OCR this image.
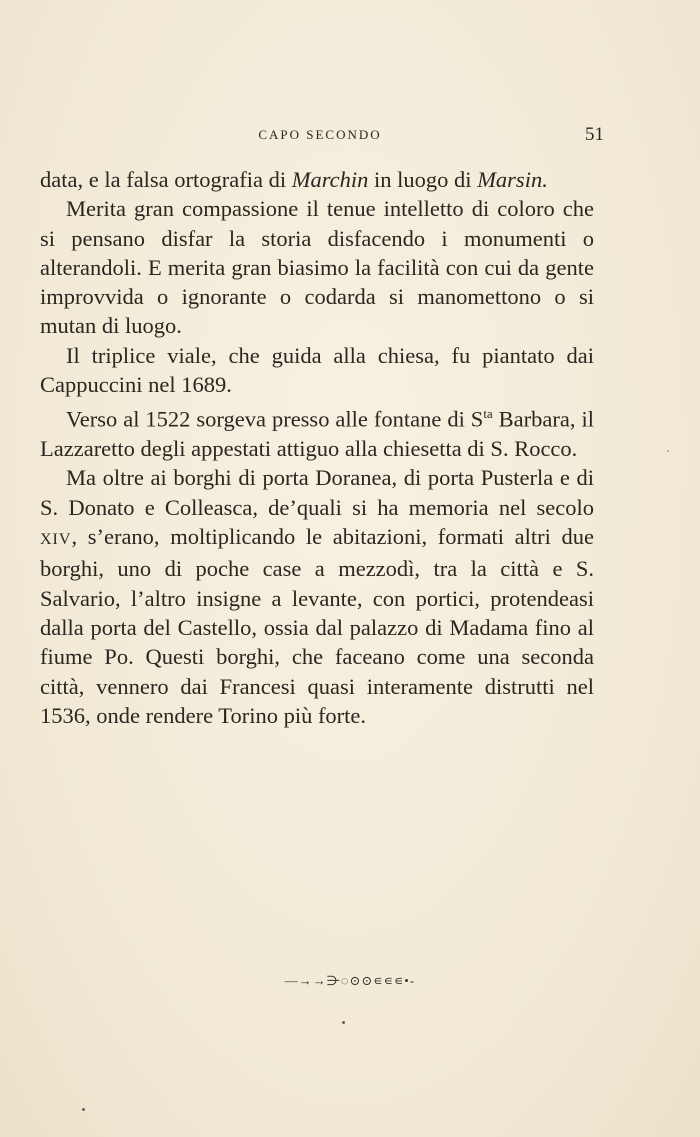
CAPO SECONDO	51

data, e la falsa ortografia di Marchin in luogo di Marsin.

Merita gran compassione il tenue intelletto di coloro che si pensano disfar la storia disfacendo i monumenti o alterandoli. E merita gran biasimo la facilità con cui da gente improvvida o ignorante o codarda si manomettono o si mutan di luogo.

Il triplice viale, che guida alla chiesa, fu piantato dai Cappuccini nel 1689.

Verso al 1522 sorgeva presso alle fontane di $S^{ta}$ Barbara, il Lazzaretto degli appestati attiguo alla chiesetta di S. Rocco.

Ma oltre ai borghi di porta Doranea, di porta Pusterla e di S. Donato e Colleasca, de’quali si ha memoria nel secolo XIV, s’erano, moltiplicando le abitazioni, formati altri due borghi, uno di poche case a mezzodì, tra la città e S. Salvario, l’altro insigne a levante, con portici, protendeasi dalla porta del Castello, ossia dal palazzo di Madama fino al fiume Po. Questi borghi, che faceano come una seconda città, vennero dai Francesi quasi interamente distrutti nel 1536, onde rendere Torino più forte.

—→→⋺◌⊙⊙∊∊∊•-
